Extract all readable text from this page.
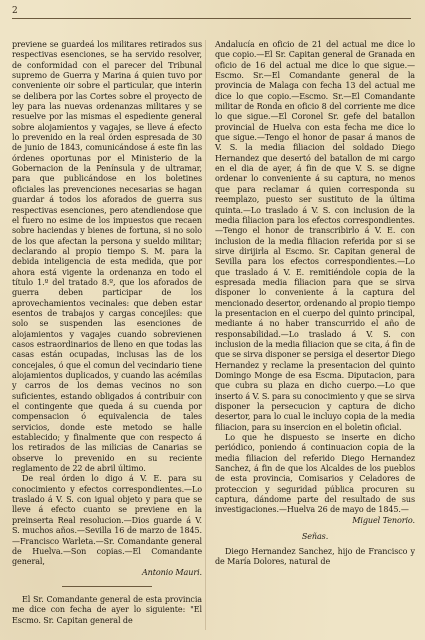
2

previene se guardeá los militares retirados sus respectivas esenciones, se ha servido resolver, de conformidad con el parecer del Tribunal supremo de Guerra y Marina á quien tuvo por conveniente oir sobre el particular, que interin se delibera por las Cortes sobre el proyecto de ley para las nuevas ordenanzas militares y se resuelve por las mismas el espediente general sobre alojamientos y vagajes, se lleve á efecto lo prevenido en la real órden espresada de 30 de junio de 1843, comunicándose á este fin las órdenes oportunas por el Ministerio de la Gobernacion de la Península y de ultramar, para que publicándose en los boletines oficiales las prevenciones necesarias se hagan guardar á todos los aforados de guerra sus respectivas esenciones, pero atendiendose que el fuero no esime de los impuestos que recaen sobre haciendas y bienes de fortuna, si no solo de los que afectan la persona y sueldo militar; declarando al propio tiempo S. M. para la debida inteligencia de esta medida, que por ahora está vigente la ordenanza en todo el título 1.º del tratado 8.º, que los aforados de guerra deben participar de los aprovechamientos vecinales: que deben estar esentos de trabajos y cargas concejiles: que solo se suspenden las esenciones de alojamientos y vagajes cuando sobrevienen casos estraordinarios de lleno en que todas las casas están ocupadas, inclusas las de los concejales, ó que el comun del vecindario tiene alojamientos duplicados, y cuando las acémilas y carros de los demas vecinos no son suficientes, estando obligados á contribuir con el contingente que queda á su cuenda por compensacion ó equivalencia de tales servicios, donde este metodo se halle establecido; y finalmente que con respecto á los retirados de las milicias de Canarias se observe lo prevenido en su reciente reglamento de 22 de abril último.

De real órden lo digo á V. E. para su conocimiento y efectos correspondientes.—Lo traslado á V. S. con igual objeto y para que se lleve á efecto cuanto se previene en la preinserta Real resolucion.—Dios guarde á V. S. muchos años.—Sevilla 16 de marzo de 1845.—Francisco Warleta.—Sr. Comandante general de Huelva.—Son copias.—El Comandante general,

Antonio Mauri.

El Sr. Comandante general de esta provincia me dice con fecha de ayer lo siguiente: "El Escmo. Sr. Capitan general de

Andalucía en oficio de 21 del actual me dice lo que copio.—El Sr. Capitan general de Granada en oficio de 16 del actual me dice lo que sigue.—Escmo. Sr.—El Comandante general de la provincia de Malaga con fecha 13 del actual me dice lo que copio.—Escmo. Sr.—El Comandante militar de Ronda en oficio 8 del corriente me dice lo que sigue.—El Coronel Sr. gefe del batallon provincial de Huelva con esta fecha me dice lo que sigue.—Tengo el honor de pasar á manos de V. S. la media filiacion del soldado Diego Hernandez que desertó del batallon de mi cargo en el dia de ayer, á fin de que V. S. se digne ordenar lo conveniente á su captura, no menos que para reclamar á quien corresponda su reemplazo, puesto ser sustituto de la última quinta.—Lo traslado á V. S. con inclusion de la media filiacion para los efectos correspondientes.—Tengo el honor de transcribirlo á V. E. con inclusion de la media filiacion referida por si se sirve dirijirla al Escmo. Sr. Capitan general de Sevilla para los efectos correspondientes.—Lo que traslado á V. E. remitiéndole copia de la espresada media filiacion para que se sirva disponer lo conveniente á la captura del mencionado desertor, ordenando al propio tiempo la presentacion en el cuerpo del quinto principal, mediante á no haber transcurrido el año de responsabilidad.—Lo traslado á V. S. con inclusion de la media filiacion que se cita, á fin de que se sirva disponer se persiga el desertor Diego Hernandez y reclame la presentacion del quinto Domingo Monge de esa Escma. Diputacion, para que cubra su plaza en dicho cuerpo.—Lo que inserto á V. S. para su conocimiento y que se sirva disponer la persecucion y captura de dicho desertor, para lo cual le incluyo copia de la media filiacion, para su insercion en el boletin oficial.

Lo que he dispuesto se inserte en dicho periódico, poniendo á continuacion copia de la media filiacion del referido Diego Hernandez Sanchez, á fin de que los Alcaldes de los pueblos de esta provincia, Comisarios y Celadores de proteccion y seguridad pública procuren su captura, dándome parte del resultado de sus investigaciones.—Huelva 26 de mayo de 1845.—

Miguel Tenorio.

Señas.

Diego Hernandez Sanchez, hijo de Francisco y de María Dolores, natural de
